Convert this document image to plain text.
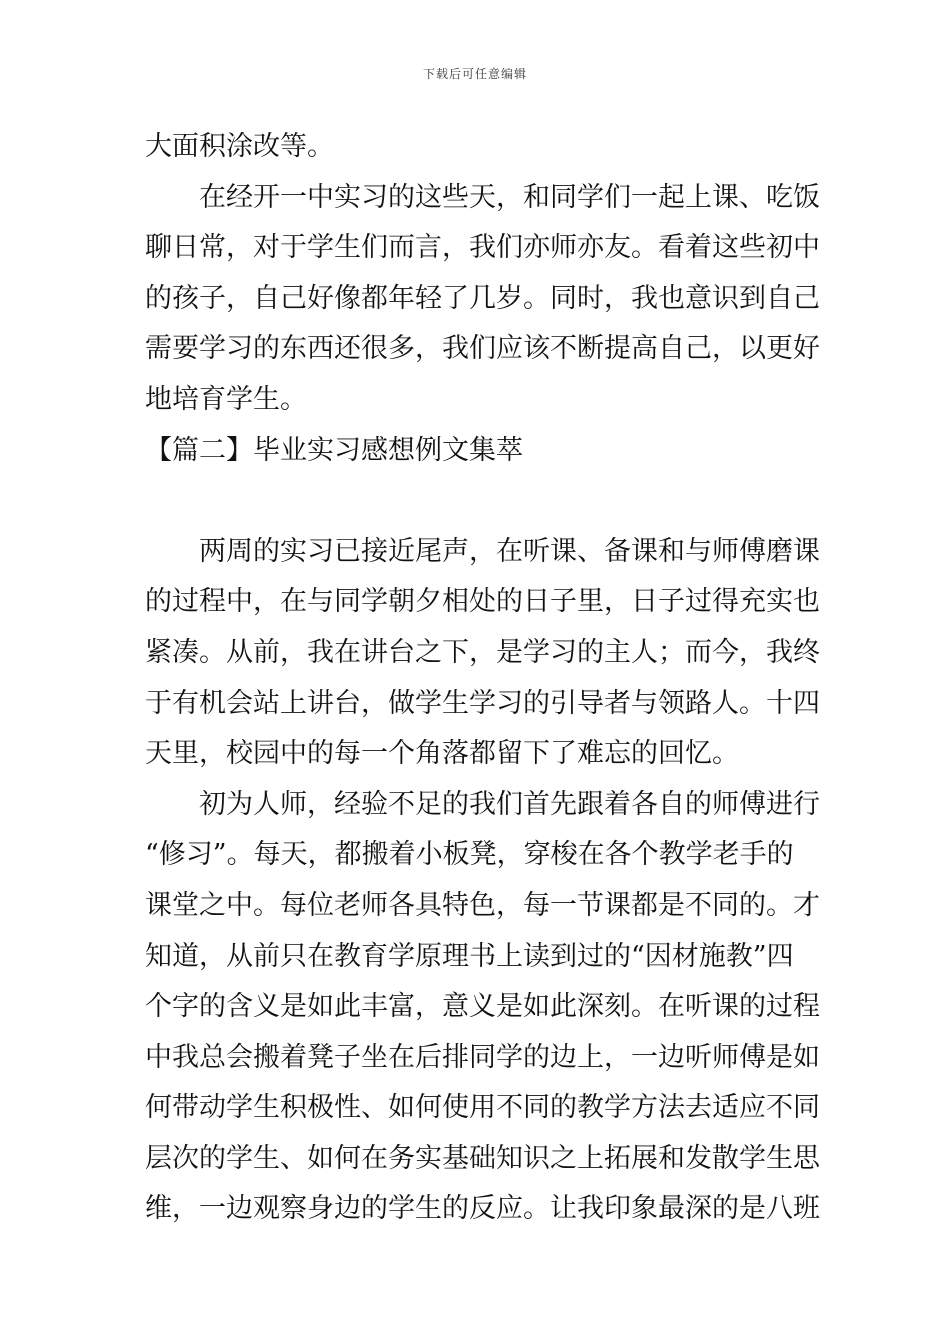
下载后可任意编辑
大面积涂改等。
在经开一中实习的这些天，和同学们一起上课、吃饭
聊日常，对于学生们而言，我们亦师亦友。看着这些初中
的孩子，自己好像都年轻了几岁。同时，我也意识到自己
需要学习的东西还很多，我们应该不断提高自己，以更好
地培育学生。
【篇二】毕业实习感想例文集萃
两周的实习已接近尾声，在听课、备课和与师傅磨课
的过程中，在与同学朝夕相处的日子里，日子过得充实也
紧凑。从前，我在讲台之下，是学习的主人；而今，我终
于有机会站上讲台，做学生学习的引导者与领路人。十四
天里，校园中的每一个角落都留下了难忘的回忆。
初为人师，经验不足的我们首先跟着各自的师傅进行
“修习”。每天，都搬着小板凳，穿梭在各个教学老手的
课堂之中。每位老师各具特色，每一节课都是不同的。才
知道，从前只在教育学原理书上读到过的“因材施教”四
个字的含义是如此丰富，意义是如此深刻。在听课的过程
中我总会搬着凳子坐在后排同学的边上，一边听师傅是如
何带动学生积极性、如何使用不同的教学方法去适应不同
层次的学生、如何在务实基础知识之上拓展和发散学生思
维，一边观察身边的学生的反应。让我印象最深的是八班
